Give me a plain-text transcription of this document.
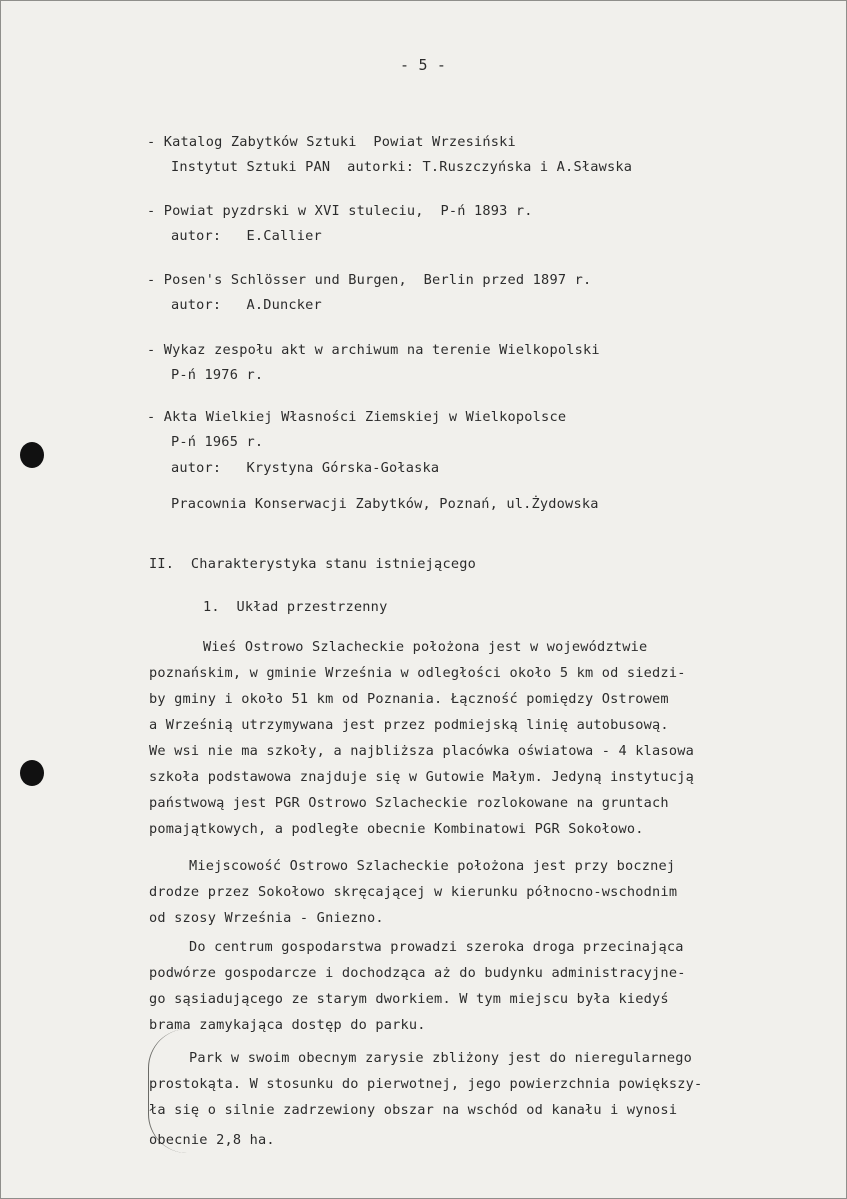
- 5 -

- Katalog Zabytków Sztuki  Powiat Wrzesiński

Instytut Sztuki PAN  autorki: T.Ruszczyńska i A.Sławska

- Powiat pyzdrski w XVI stuleciu,  P-ń 1893 r.

autor:   E.Callier

- Posen's Schlösser und Burgen,  Berlin przed 1897 r.

autor:   A.Duncker

- Wykaz zespołu akt w archiwum na terenie Wielkopolski

P-ń 1976 r.

- Akta Wielkiej Własności Ziemskiej w Wielkopolsce

P-ń 1965 r.

autor:   Krystyna Górska-Gołaska

Pracownia Konserwacji Zabytków, Poznań, ul.Żydowska

II.  Charakterystyka stanu istniejącego

1.  Układ przestrzenny

Wieś Ostrowo Szlacheckie położona jest w województwie

poznańskim, w gminie Września w odległości około 5 km od siedzi-

by gminy i około 51 km od Poznania. Łączność pomiędzy Ostrowem

a Wrześnią utrzymywana jest przez podmiejską linię autobusową.

We wsi nie ma szkoły, a najbliższa placówka oświatowa - 4 klasowa

szkoła podstawowa znajduje się w Gutowie Małym. Jedyną instytucją

państwową jest PGR Ostrowo Szlacheckie rozlokowane na gruntach

pomajątkowych, a podległe obecnie Kombinatowi PGR Sokołowo.

Miejscowość Ostrowo Szlacheckie położona jest przy bocznej

drodze przez Sokołowo skręcającej w kierunku północno-wschodnim

od szosy Września - Gniezno.

Do centrum gospodarstwa prowadzi szeroka droga przecinająca

podwórze gospodarcze i dochodząca aż do budynku administracyjne-

go sąsiadującego ze starym dworkiem. W tym miejscu była kiedyś

brama zamykająca dostęp do parku.

Park w swoim obecnym zarysie zbliżony jest do nieregularnego

prostokąta. W stosunku do pierwotnej, jego powierzchnia powiększy-

ła się o silnie zadrzewiony obszar na wschód od kanału i wynosi

obecnie 2,8 ha.
